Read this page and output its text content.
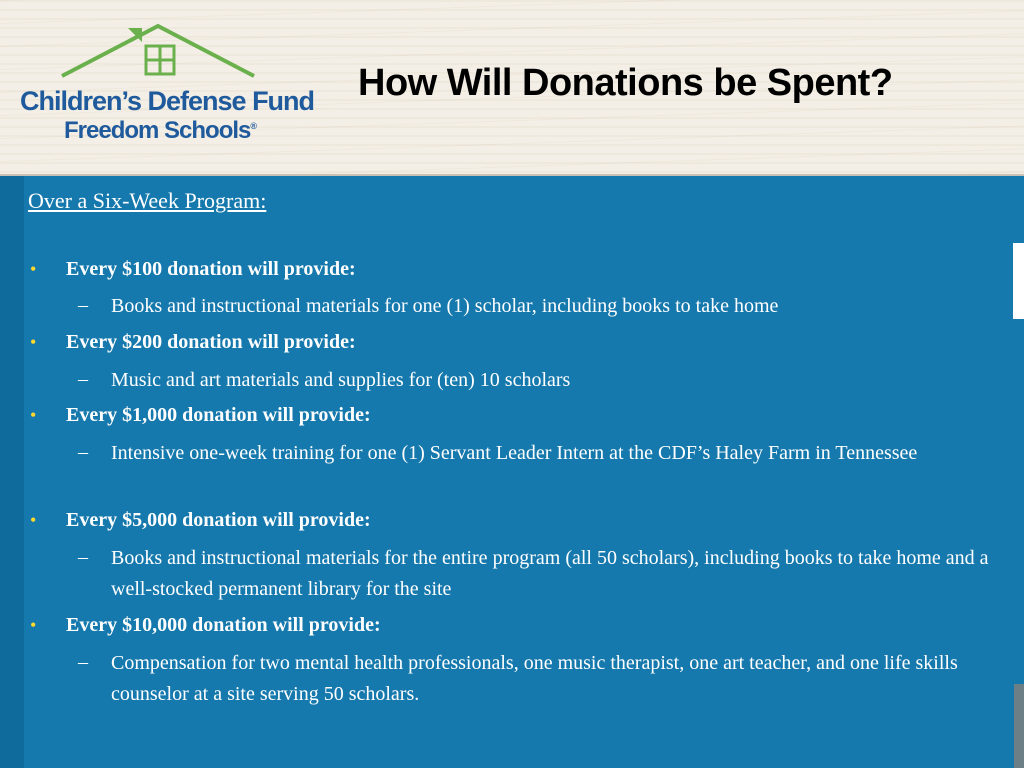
Children’s Defense Fund
Freedom Schools®
How Will Donations be Spent?
Over a Six-Week Program:
• Every $100 donation will provide:
– Books and instructional materials for one (1) scholar, including books to take home
• Every $200 donation will provide:
– Music and art materials and supplies for (ten) 10 scholars
• Every $1,000 donation will provide:
– Intensive one-week training for one (1) Servant Leader Intern at the CDF’s Haley Farm in Tennessee
• Every $5,000 donation will provide:
– Books and instructional materials for the entire program (all 50 scholars), including books to take home and a well-stocked permanent library for the site
• Every $10,000 donation will provide:
– Compensation for two mental health professionals, one music therapist, one art teacher, and one life skills counselor at a site serving 50 scholars.
